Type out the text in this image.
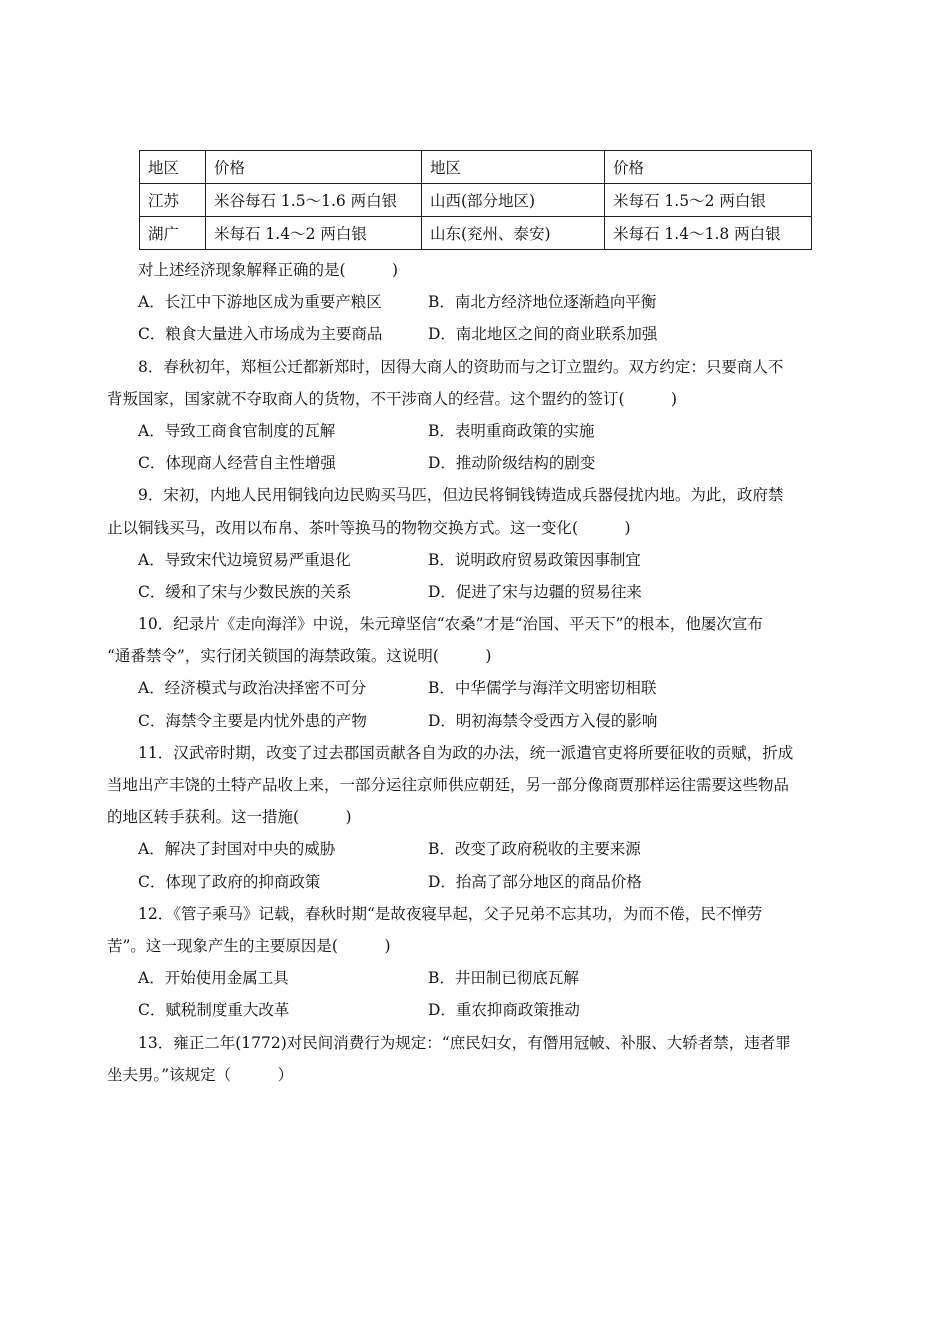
地区	价格	地区	价格
江苏	米谷每石 1.5～1.6 两白银	山西(部分地区)	米每石 1.5～2 两白银
湖广	米每石 1.4～2 两白银	山东(兖州、泰安)	米每石 1.4～1.8 两白银
对上述经济现象解释正确的是(　　　)
A．长江中下游地区成为重要产粮区	B．南北方经济地位逐渐趋向平衡
C．粮食大量进入市场成为主要商品	D．南北地区之间的商业联系加强
8．春秋初年，郑桓公迁都新郑时，因得大商人的资助而与之订立盟约。双方约定：只要商人不
背叛国家，国家就不夺取商人的货物，不干涉商人的经营。这个盟约的签订(　　　)
A．导致工商食官制度的瓦解	B．表明重商政策的实施
C．体现商人经营自主性增强	D．推动阶级结构的剧变
9．宋初，内地人民用铜钱向边民购买马匹，但边民将铜钱铸造成兵器侵扰内地。为此，政府禁
止以铜钱买马，改用以布帛、茶叶等换马的物物交换方式。这一变化(　　　)
A．导致宋代边境贸易严重退化	B．说明政府贸易政策因事制宜
C．缓和了宋与少数民族的关系	D．促进了宋与边疆的贸易往来
10．纪录片《走向海洋》中说，朱元璋坚信“农桑”才是“治国、平天下”的根本，他屡次宣布
“通番禁令”，实行闭关锁国的海禁政策。这说明(　　　)
A．经济模式与政治决择密不可分	B．中华儒学与海洋文明密切相联
C．海禁令主要是内忧外患的产物	D．明初海禁令受西方入侵的影响
11．汉武帝时期，改变了过去郡国贡献各自为政的办法，统一派遣官吏将所要征收的贡赋，折成
当地出产丰饶的土特产品收上来，一部分运往京师供应朝廷，另一部分像商贾那样运往需要这些物品
的地区转手获利。这一措施(　　　)
A．解决了封国对中央的威胁	B．改变了政府税收的主要来源
C．体现了政府的抑商政策	D．抬高了部分地区的商品价格
12．《管子乘马》记载，春秋时期“是故夜寝早起，父子兄弟不忘其功，为而不倦，民不惮劳
苦”。这一现象产生的主要原因是(　　　)
A．开始使用金属工具	B．井田制已彻底瓦解
C．赋税制度重大改革	D．重农抑商政策推动
13．雍正二年(1772)对民间消费行为规定：“庶民妇女，有僭用冠帔、补服、大轿者禁，违者罪
坐夫男。”该规定（　　　）
